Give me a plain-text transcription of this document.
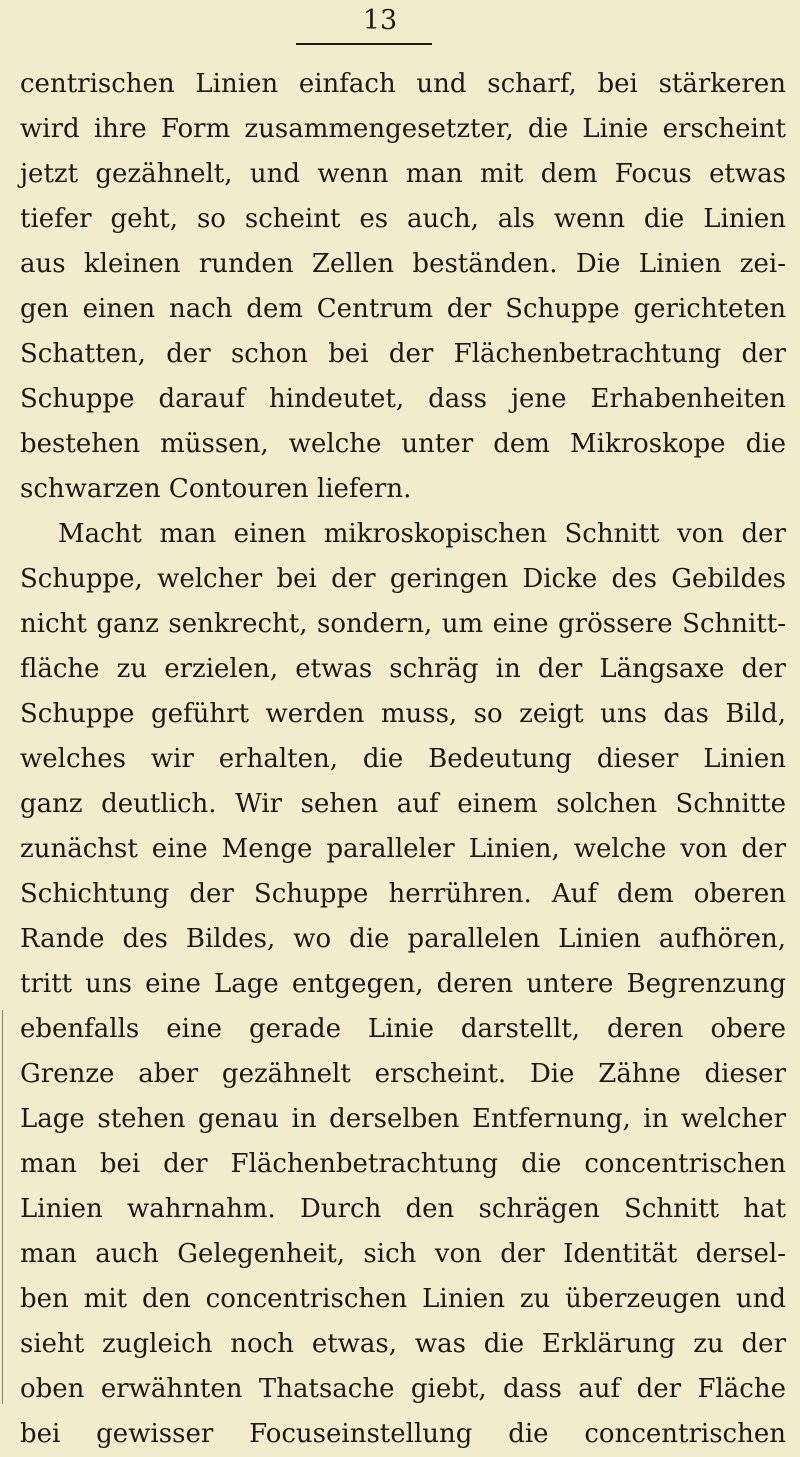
13
centrischen Linien einfach und scharf, bei stärkeren
wird ihre Form zusammengesetzter, die Linie erscheint
jetzt gezähnelt, und wenn man mit dem Focus etwas
tiefer geht, so scheint es auch, als wenn die Linien
aus kleinen runden Zellen beständen. Die Linien zei-
gen einen nach dem Centrum der Schuppe gerichteten
Schatten, der schon bei der Flächenbetrachtung der
Schuppe darauf hindeutet, dass jene Erhabenheiten
bestehen müssen, welche unter dem Mikroskope die
schwarzen Contouren liefern.
Macht man einen mikroskopischen Schnitt von der
Schuppe, welcher bei der geringen Dicke des Gebildes
nicht ganz senkrecht, sondern, um eine grössere Schnitt-
fläche zu erzielen, etwas schräg in der Längsaxe der
Schuppe geführt werden muss, so zeigt uns das Bild,
welches wir erhalten, die Bedeutung dieser Linien
ganz deutlich. Wir sehen auf einem solchen Schnitte
zunächst eine Menge paralleler Linien, welche von der
Schichtung der Schuppe herrühren. Auf dem oberen
Rande des Bildes, wo die parallelen Linien aufhören,
tritt uns eine Lage entgegen, deren untere Begrenzung
ebenfalls eine gerade Linie darstellt, deren obere
Grenze aber gezähnelt erscheint. Die Zähne dieser
Lage stehen genau in derselben Entfernung, in welcher
man bei der Flächenbetrachtung die concentrischen
Linien wahrnahm. Durch den schrägen Schnitt hat
man auch Gelegenheit, sich von der Identität dersel-
ben mit den concentrischen Linien zu überzeugen und
sieht zugleich noch etwas, was die Erklärung zu der
oben erwähnten Thatsache giebt, dass auf der Fläche
bei gewisser Focuseinstellung die concentrischen
